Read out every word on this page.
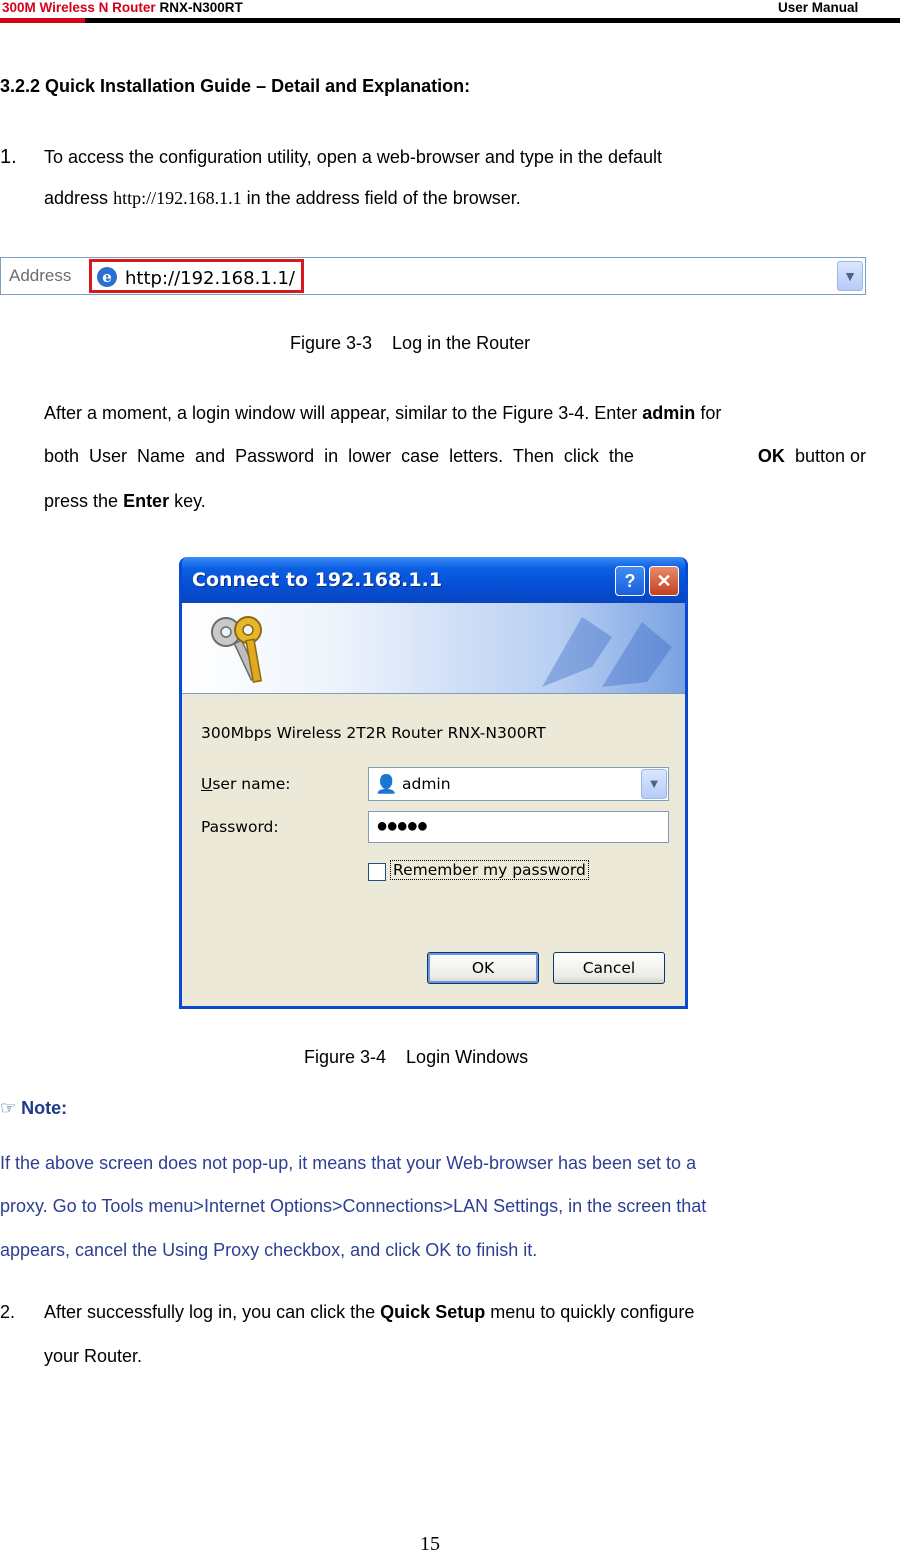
300M Wireless N Router RNX-N300RT	User Manual
3.2.2 Quick Installation Guide – Detail and Explanation:
1. To access the configuration utility, open a web-browser and type in the default
address http://192.168.1.1 in the address field of the browser.
Address	e http://192.168.1.1/	▼
Figure 3-3    Log in the Router
After a moment, a login window will appear, similar to the Figure 3-4. Enter admin for
both User Name and Password in lower case letters. Then click the	OK button or
press the Enter key.
Connect to 192.168.1.1	?	✕
300Mbps Wireless 2T2R Router RNX-N300RT
User name:	👤 admin	▼
Password:	●●●●●
Remember my password
OK	Cancel
Figure 3-4    Login Windows
☞ Note:
If the above screen does not pop-up, it means that your Web-browser has been set to a
proxy. Go to Tools menu>Internet Options>Connections>LAN Settings, in the screen that
appears, cancel the Using Proxy checkbox, and click OK to finish it.
2. After successfully log in, you can click the Quick Setup menu to quickly configure
your Router.
15
